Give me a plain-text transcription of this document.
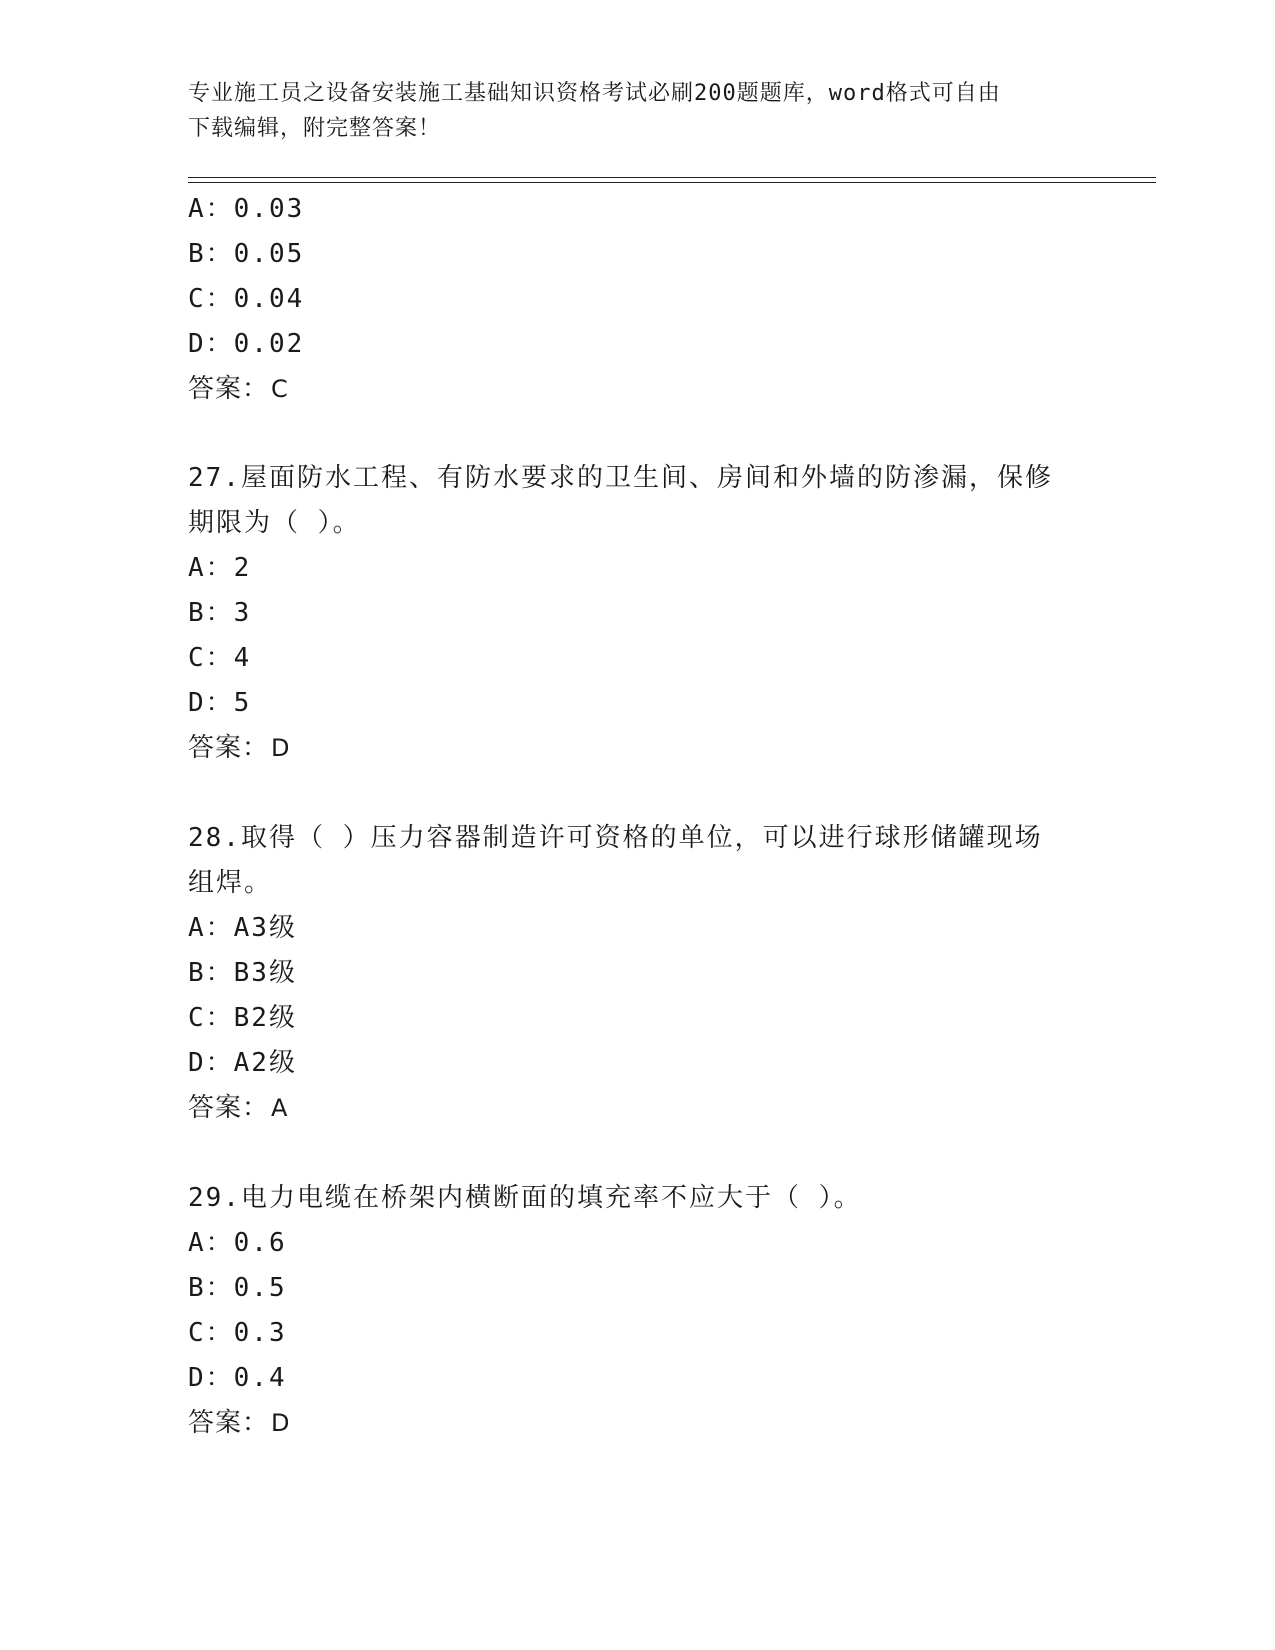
专业施工员之设备安装施工基础知识资格考试必刷200题题库，word格式可自由
下载编辑，附完整答案！
A：0.03
B：0.05
C：0.04
D：0.02
答案：C
27.屋面防水工程、有防水要求的卫生间、房间和外墙的防渗漏，保修
期限为（ ）。
A：2
B：3
C：4
D：5
答案：D
28.取得（ ）压力容器制造许可资格的单位，可以进行球形储罐现场
组焊。
A：A3级
B：B3级
C：B2级
D：A2级
答案：A
29.电力电缆在桥架内横断面的填充率不应大于（ ）。
A：0.6
B：0.5
C：0.3
D：0.4
答案：D
